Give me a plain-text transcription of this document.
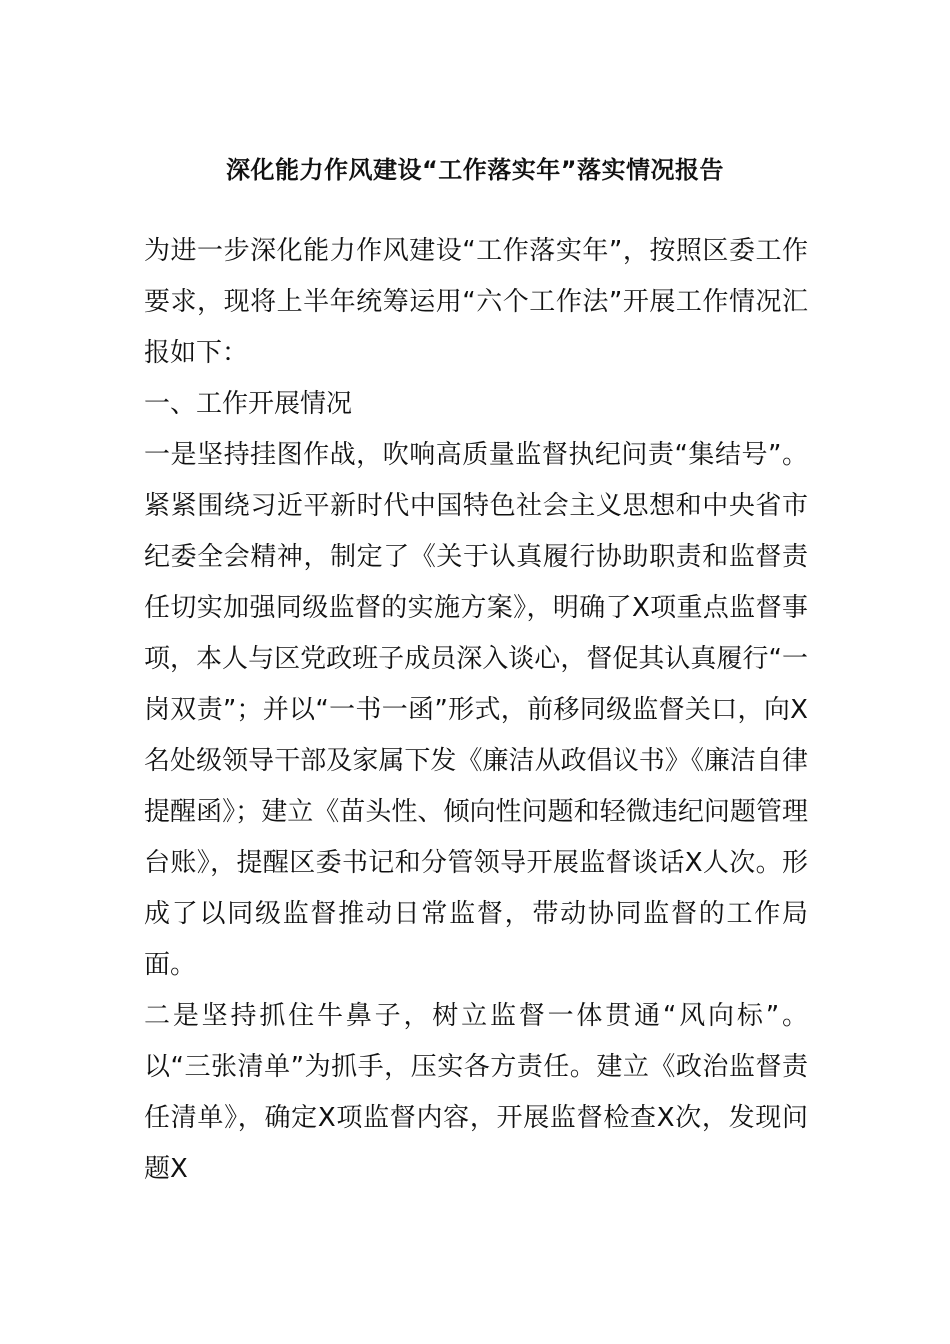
深化能力作风建设“工作落实年”落实情况报告

为进一步深化能力作风建设“工作落实年”，按照区委工作要求，现将上半年统筹运用“六个工作法”开展工作情况汇报如下：

一、工作开展情况

一是坚持挂图作战，吹响高质量监督执纪问责“集结号”。紧紧围绕习近平新时代中国特色社会主义思想和中央省市纪委全会精神，制定了《关于认真履行协助职责和监督责任切实加强同级监督的实施方案》，明确了X项重点监督事项，本人与区党政班子成员深入谈心，督促其认真履行“一岗双责”；并以“一书一函”形式，前移同级监督关口，向X名处级领导干部及家属下发《廉洁从政倡议书》《廉洁自律提醒函》；建立《苗头性、倾向性问题和轻微违纪问题管理台账》，提醒区委书记和分管领导开展监督谈话X人次。形成了以同级监督推动日常监督，带动协同监督的工作局面。

二是坚持抓住牛鼻子，树立监督一体贯通“风向标”。以“三张清单”为抓手，压实各方责任。建立《政治监督责任清单》，确定X项监督内容，开展监督检查X次，发现问题X
